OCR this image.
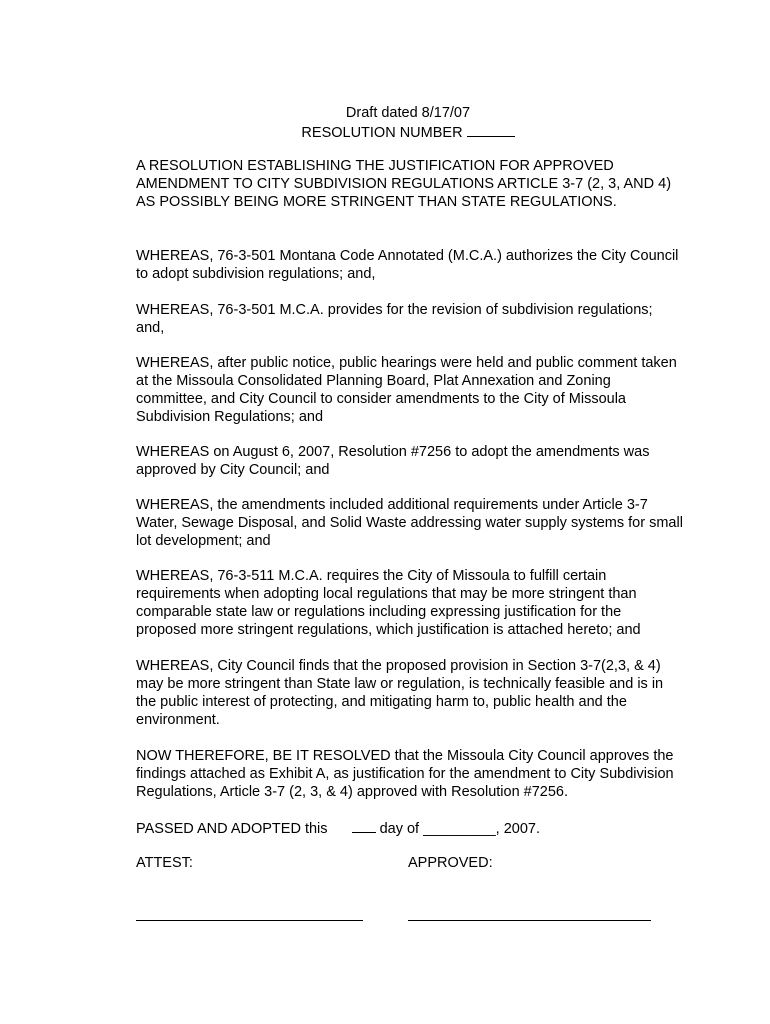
Draft dated 8/17/07
RESOLUTION NUMBER

A RESOLUTION ESTABLISHING THE JUSTIFICATION FOR APPROVED AMENDMENT TO CITY SUBDIVISION REGULATIONS ARTICLE 3-7 (2, 3, AND 4) AS POSSIBLY BEING MORE STRINGENT THAN STATE REGULATIONS.

WHEREAS, 76-3-501 Montana Code Annotated (M.C.A.) authorizes the City Council to adopt subdivision regulations; and,

WHEREAS, 76-3-501 M.C.A. provides for the revision of subdivision regulations; and,

WHEREAS, after public notice, public hearings were held and public comment taken at the Missoula Consolidated Planning Board, Plat Annexation and Zoning committee, and City Council to consider amendments to the City of Missoula Subdivision Regulations; and

WHEREAS on August 6, 2007, Resolution #7256 to adopt the amendments was approved by City Council; and

WHEREAS, the amendments included additional requirements under Article 3-7 Water, Sewage Disposal, and Solid Waste addressing water supply systems for small lot development; and

WHEREAS, 76-3-511 M.C.A. requires the City of Missoula to fulfill certain requirements when adopting local regulations that may be more stringent than comparable state law or regulations including expressing justification for the proposed more stringent regulations, which justification is attached hereto; and

WHEREAS, City Council finds that the proposed provision in Section 3-7(2,3, & 4) may be more stringent than State law or regulation, is technically feasible and is in the public interest of protecting, and mitigating harm to, public health and the environment.

NOW THEREFORE, BE IT RESOLVED that the Missoula City Council approves the findings attached as Exhibit A, as justification for the amendment to City Subdivision Regulations, Article 3-7 (2, 3, & 4) approved with Resolution #7256.

PASSED AND ADOPTED this	day of _________, 2007.
ATTEST:	APPROVED:
